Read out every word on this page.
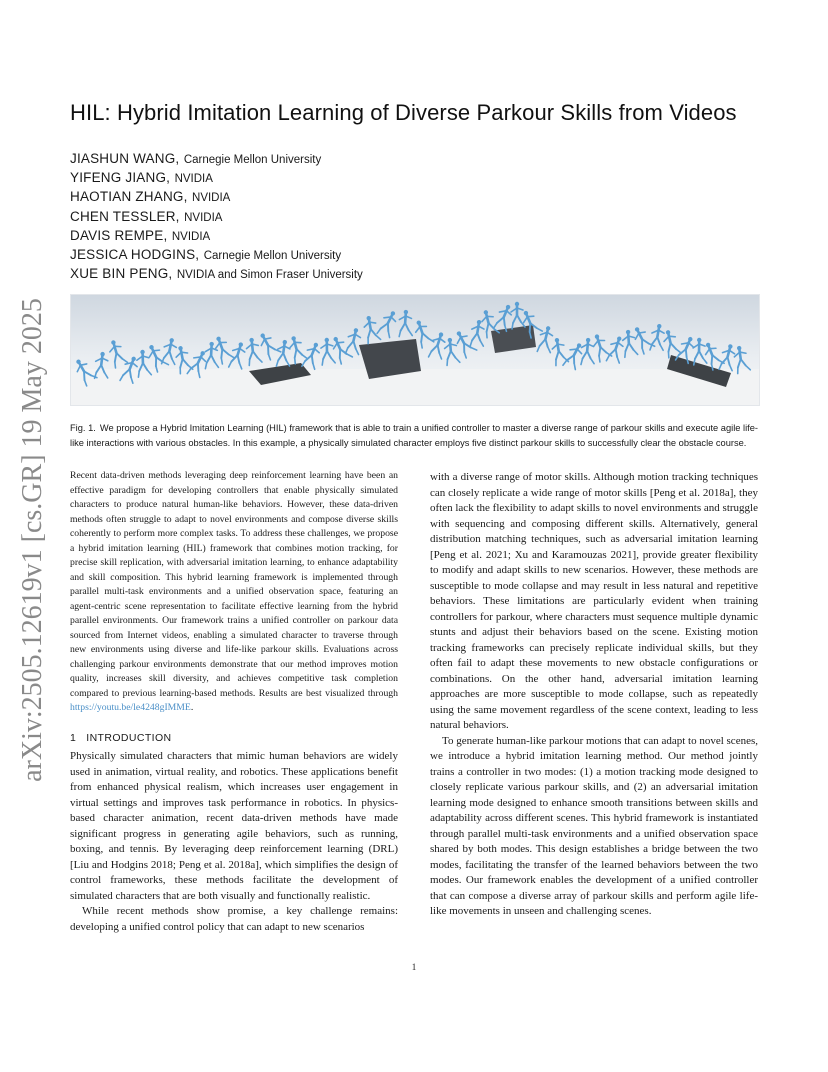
arXiv:2505.12619v1 [cs.GR] 19 May 2025
HIL: Hybrid Imitation Learning of Diverse Parkour Skills from Videos
JIASHUN WANG, Carnegie Mellon University
YIFENG JIANG, NVIDIA
HAOTIAN ZHANG, NVIDIA
CHEN TESSLER, NVIDIA
DAVIS REMPE, NVIDIA
JESSICA HODGINS, Carnegie Mellon University
XUE BIN PENG, NVIDIA and Simon Fraser University
Fig. 1. We propose a Hybrid Imitation Learning (HIL) framework that is able to train a unified controller to master a diverse range of parkour skills and execute agile life-like interactions with various obstacles. In this example, a physically simulated character employs five distinct parkour skills to successfully clear the obstacle course.
Recent data-driven methods leveraging deep reinforcement learning have been an effective paradigm for developing controllers that enable physically simulated characters to produce natural human-like behaviors. However, these data-driven methods often struggle to adapt to novel environments and compose diverse skills coherently to perform more complex tasks. To address these challenges, we propose a hybrid imitation learning (HIL) framework that combines motion tracking, for precise skill replication, with adversarial imitation learning, to enhance adaptability and skill composition. This hybrid learning framework is implemented through parallel multi-task environments and a unified observation space, featuring an agent-centric scene representation to facilitate effective learning from the hybrid parallel environments. Our framework trains a unified controller on parkour data sourced from Internet videos, enabling a simulated character to traverse through new environments using diverse and life-like parkour skills. Evaluations across challenging parkour environments demonstrate that our method improves motion quality, increases skill diversity, and achieves competitive task completion compared to previous learning-based methods. Results are best visualized through https://youtu.be/le4248gIMME.
1 INTRODUCTION

Physically simulated characters that mimic human behaviors are widely used in animation, virtual reality, and robotics. These applications benefit from enhanced physical realism, which increases user engagement in virtual settings and improves task performance in robotics. In physics-based character animation, recent data-driven methods have made significant progress in generating agile behaviors, such as running, boxing, and tennis. By leveraging deep reinforcement learning (DRL) [Liu and Hodgins 2018; Peng et al. 2018a], which simplifies the design of control frameworks, these methods facilitate the development of simulated characters that are both visually and functionally realistic.

While recent methods show promise, a key challenge remains: developing a unified control policy that can adapt to new scenarios

with a diverse range of motor skills. Although motion tracking techniques can closely replicate a wide range of motor skills [Peng et al. 2018a], they often lack the flexibility to adapt skills to novel environments and struggle with sequencing and composing different skills. Alternatively, general distribution matching techniques, such as adversarial imitation learning [Peng et al. 2021; Xu and Karamouzas 2021], provide greater flexibility to modify and adapt skills to new scenarios. However, these methods are susceptible to mode collapse and may result in less natural and repetitive behaviors. These limitations are particularly evident when training controllers for parkour, where characters must sequence multiple dynamic stunts and adjust their behaviors based on the scene. Existing motion tracking frameworks can precisely replicate individual skills, but they often fail to adapt these movements to new obstacle configurations or combinations. On the other hand, adversarial imitation learning approaches are more susceptible to mode collapse, such as repeatedly using the same movement regardless of the scene context, leading to less natural behaviors.

To generate human-like parkour motions that can adapt to novel scenes, we introduce a hybrid imitation learning method. Our method jointly trains a controller in two modes: (1) a motion tracking mode designed to closely replicate various parkour skills, and (2) an adversarial imitation learning mode designed to enhance smooth transitions between skills and adaptability across different scenes. This hybrid framework is instantiated through parallel multi-task environments and a unified observation space shared by both modes. This design establishes a bridge between the two modes, facilitating the transfer of the learned behaviors between the two modes. Our framework enables the development of a unified controller that can compose a diverse array of parkour skills and perform agile life-like movements in unseen and challenging scenes.

1
